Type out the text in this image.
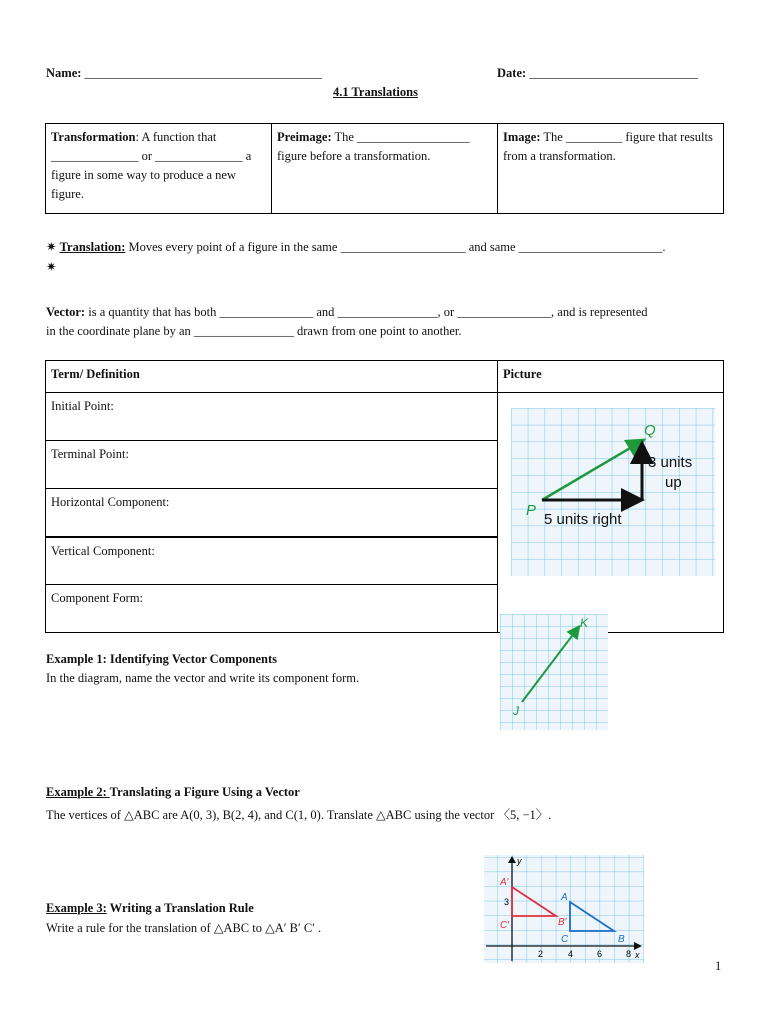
Name: ______________________________________	Date: ___________________________
4.1 Translations
Transformation: A function that ______________ or ______________ a figure in some way to produce a new figure.	Preimage: The __________________ figure before a transformation.	Image: The _________ figure that results from a transformation.
✷ Translation: Moves every point of a figure in the same ____________________ and same _______________________.
✷
Vector: is a quantity that has both _______________ and ________________, or _______________, and is represented
in the coordinate plane by an ________________ drawn from one point to another.
Term/ Definition	Picture
Initial Point:	
Terminal Point:	
Horizontal Component:	
Vertical Component:	
Component Form:	
Q
P
3 units
up
5 units right
Example 1: Identifying Vector Components
In the diagram, name the vector and write its component form.
K
J
Example 2: Translating a Figure Using a Vector
The vertices of △ABC are A(0, 3), B(2, 4), and C(1, 0). Translate △ABC using the vector 〈5, −1〉.
Example 3: Writing a Translation Rule
Write a rule for the translation of △ABC to △A′ B′ C′ .
y
x
2	4	6	8
3
A′
C′	B′
A
B
C
1
